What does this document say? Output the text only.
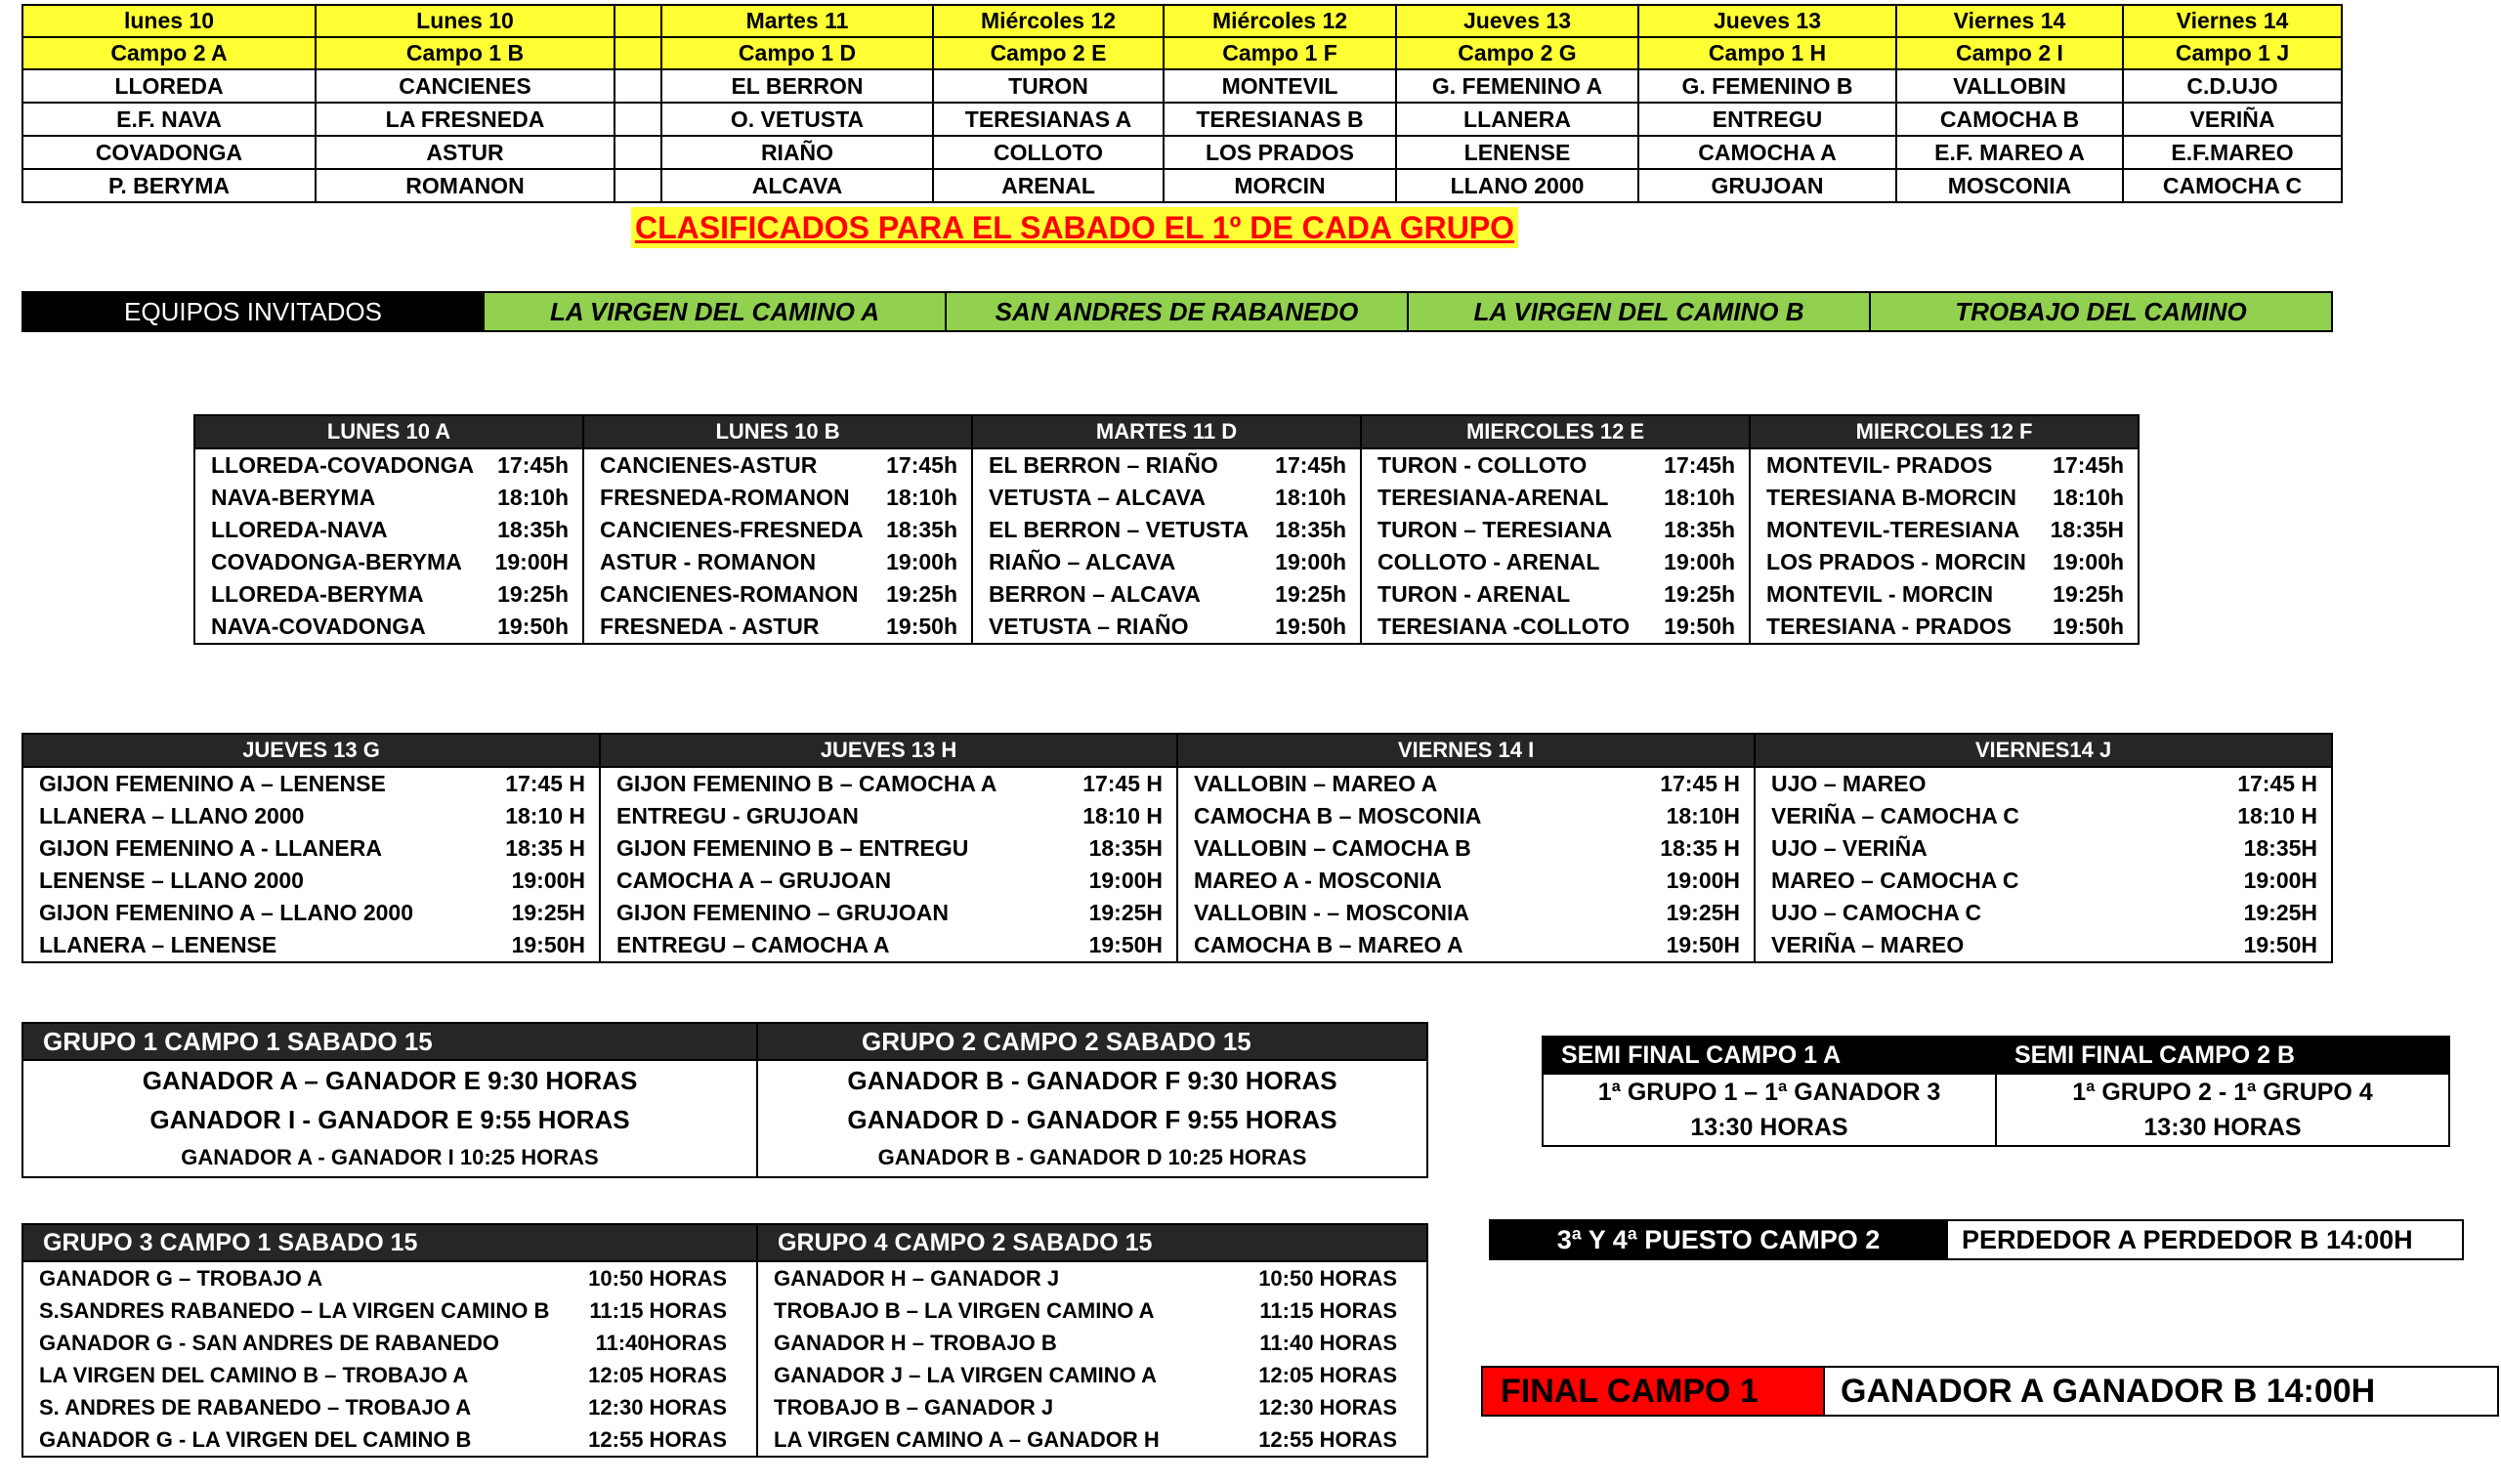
lunes 10	Lunes 10		Martes 11	Miércoles 12	Miércoles 12	Jueves 13	Jueves 13	Viernes 14	Viernes 14
Campo 2 A	Campo 1 B		Campo 1 D	Campo 2 E	Campo 1 F	Campo 2 G	Campo 1 H	Campo 2 I	Campo 1 J
LLOREDA	CANCIENES		EL BERRON	TURON	MONTEVIL	G. FEMENINO A	G. FEMENINO B	VALLOBIN	C.D.UJO
E.F. NAVA	LA FRESNEDA		O. VETUSTA	TERESIANAS A	TERESIANAS B	LLANERA	ENTREGU	CAMOCHA B	VERIÑA
COVADONGA	ASTUR		RIAÑO	COLLOTO	LOS PRADOS	LENENSE	CAMOCHA A	E.F. MAREO A	E.F.MAREO
P. BERYMA	ROMANON		ALCAVA	ARENAL	MORCIN	LLANO 2000	GRUJOAN	MOSCONIA	CAMOCHA C
CLASIFICADOS PARA EL SABADO EL 1º DE CADA GRUPO
EQUIPOS INVITADOS	LA VIRGEN DEL CAMINO A	SAN ANDRES DE RABANEDO	LA VIRGEN DEL CAMINO B	TROBAJO DEL CAMINO
LUNES 10 A		LUNES 10 B		MARTES 11 D		MIERCOLES 12 E		MIERCOLES 12 F	
LLOREDA-COVADONGA	17:45h	CANCIENES-ASTUR	17:45h	EL BERRON – RIAÑO	17:45h	TURON - COLLOTO	17:45h	MONTEVIL- PRADOS	17:45h
NAVA-BERYMA	18:10h	FRESNEDA-ROMANON	18:10h	VETUSTA – ALCAVA	18:10h	TERESIANA-ARENAL	18:10h	TERESIANA B-MORCIN	18:10h
LLOREDA-NAVA	18:35h	CANCIENES-FRESNEDA	18:35h	EL BERRON – VETUSTA	18:35h	TURON – TERESIANA	18:35h	MONTEVIL-TERESIANA	18:35H
COVADONGA-BERYMA	19:00H	ASTUR - ROMANON	19:00h	RIAÑO – ALCAVA	19:00h	COLLOTO - ARENAL	19:00h	LOS PRADOS - MORCIN	19:00h
LLOREDA-BERYMA	19:25h	CANCIENES-ROMANON	19:25h	BERRON – ALCAVA	19:25h	TURON - ARENAL	19:25h	MONTEVIL - MORCIN	19:25h
NAVA-COVADONGA	19:50h	FRESNEDA - ASTUR	19:50h	VETUSTA – RIAÑO	19:50h	TERESIANA -COLLOTO	19:50h	TERESIANA - PRADOS	19:50h
JUEVES 13 G		JUEVES 13 H		VIERNES 14 I		VIERNES14 J	
GIJON FEMENINO A – LENENSE	17:45 H	GIJON FEMENINO B – CAMOCHA A	17:45 H	VALLOBIN – MAREO A	17:45 H	UJO – MAREO	17:45 H
LLANERA – LLANO 2000	18:10 H	ENTREGU - GRUJOAN	18:10 H	CAMOCHA B – MOSCONIA	18:10H	VERIÑA – CAMOCHA C	18:10 H
GIJON FEMENINO A - LLANERA	18:35 H	GIJON FEMENINO B – ENTREGU	18:35H	VALLOBIN – CAMOCHA B	18:35 H	UJO – VERIÑA	18:35H
LENENSE – LLANO 2000	19:00H	CAMOCHA A – GRUJOAN	19:00H	MAREO A - MOSCONIA	19:00H	MAREO – CAMOCHA C	19:00H
GIJON FEMENINO A – LLANO 2000	19:25H	GIJON FEMENINO – GRUJOAN	19:25H	VALLOBIN - – MOSCONIA	19:25H	UJO – CAMOCHA C	19:25H
LLANERA – LENENSE	19:50H	ENTREGU – CAMOCHA A	19:50H	CAMOCHA B – MAREO A	19:50H	VERIÑA – MAREO	19:50H
GRUPO 1 CAMPO 1 SABADO 15	GRUPO 2 CAMPO 2 SABADO 15
GANADOR A – GANADOR E 9:30 HORAS	GANADOR B - GANADOR F 9:30 HORAS
GANADOR I - GANADOR E 9:55 HORAS	GANADOR D - GANADOR F 9:55 HORAS
GANADOR A - GANADOR I 10:25 HORAS	GANADOR B - GANADOR D 10:25 HORAS
GRUPO 3 CAMPO 1 SABADO 15		GRUPO 4 CAMPO 2 SABADO 15	
GANADOR G – TROBAJO A	10:50 HORAS	GANADOR H – GANADOR J	10:50 HORAS
S.SANDRES RABANEDO – LA VIRGEN CAMINO B	11:15 HORAS	TROBAJO B – LA VIRGEN CAMINO A	11:15 HORAS
GANADOR G - SAN ANDRES DE RABANEDO	11:40HORAS	GANADOR H – TROBAJO B	11:40 HORAS
LA VIRGEN DEL CAMINO B – TROBAJO A	12:05 HORAS	GANADOR J – LA VIRGEN CAMINO A	12:05 HORAS
S. ANDRES DE RABANEDO – TROBAJO A	12:30 HORAS	TROBAJO B – GANADOR J	12:30 HORAS
GANADOR G - LA VIRGEN DEL CAMINO B	12:55 HORAS	LA VIRGEN CAMINO A – GANADOR H	12:55 HORAS
SEMI FINAL CAMPO 1 A	SEMI FINAL CAMPO 2 B
1ª GRUPO 1 – 1ª GANADOR 3	1ª GRUPO 2 - 1ª GRUPO 4
13:30 HORAS	13:30 HORAS
3ª Y 4ª PUESTO CAMPO 2	PERDEDOR A PERDEDOR B 14:00H
FINAL CAMPO 1	GANADOR A GANADOR B 14:00H
